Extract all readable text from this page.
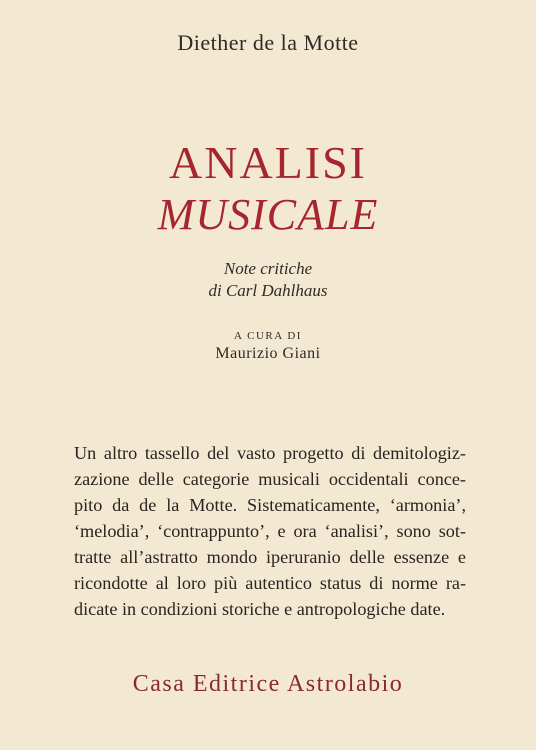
Diether de la Motte
ANALISI
MUSICALE
Note critiche
di Carl Dahlhaus
A CURA DI
Maurizio Giani
Un altro tassello del vasto progetto di demitologiz-
zazione delle categorie musicali occidentali conce-
pito da de la Motte. Sistematicamente, ‘armonia’,
‘melodia’, ‘contrappunto’, e ora ‘analisi’, sono sot-
tratte all’astratto mondo iperuranio delle essenze e
ricondotte al loro più autentico status di norme ra-
dicate in condizioni storiche e antropologiche date.
Casa Editrice Astrolabio
